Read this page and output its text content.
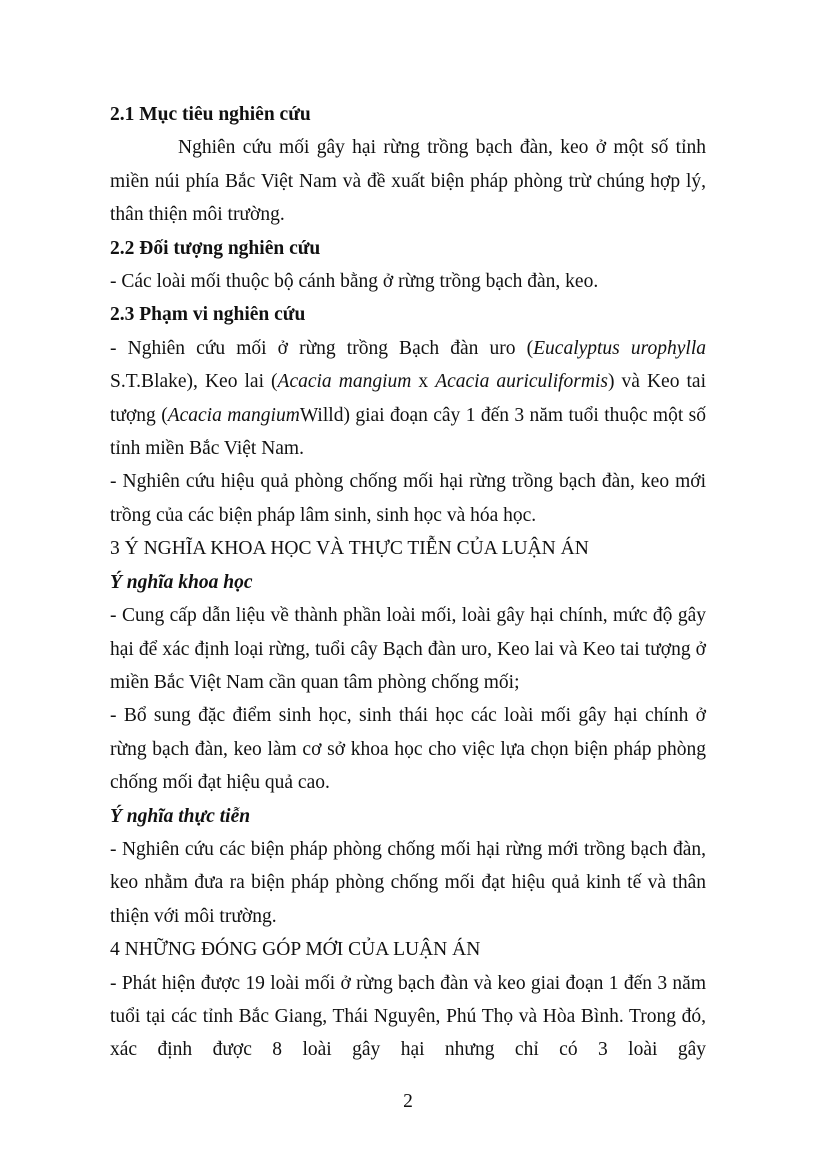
2.1 Mục tiêu nghiên cứu

Nghiên cứu mối gây hại rừng trồng bạch đàn, keo ở một số tỉnh miền núi phía Bắc Việt Nam và đề xuất biện pháp phòng trừ chúng hợp lý, thân thiện môi trường.

2.2 Đối tượng nghiên cứu

- Các loài mối thuộc bộ cánh bằng ở rừng trồng bạch đàn, keo.

2.3 Phạm vi nghiên cứu

- Nghiên cứu mối ở rừng trồng Bạch đàn uro (Eucalyptus urophylla S.T.Blake), Keo lai (Acacia mangium x Acacia auriculiformis) và Keo tai tượng (Acacia mangiumWilld) giai đoạn cây 1 đến 3 năm tuổi thuộc một số tỉnh miền Bắc Việt Nam.

- Nghiên cứu hiệu quả phòng chống mối hại rừng trồng bạch đàn, keo mới trồng của các biện pháp lâm sinh, sinh học và hóa học.

3 Ý NGHĨA KHOA HỌC VÀ THỰC TIỄN CỦA LUẬN ÁN

Ý nghĩa khoa học

- Cung cấp dẫn liệu về thành phần loài mối, loài gây hại chính, mức độ gây hại để xác định loại rừng, tuổi cây Bạch đàn uro, Keo lai và Keo tai tượng ở miền Bắc Việt Nam cần quan tâm phòng chống mối;

- Bổ sung đặc điểm sinh học, sinh thái học các loài mối gây hại chính ở rừng bạch đàn, keo làm cơ sở khoa học cho việc lựa chọn biện pháp phòng chống mối đạt hiệu quả cao.

Ý nghĩa thực tiễn

- Nghiên cứu các biện pháp phòng chống mối hại rừng mới trồng bạch đàn, keo nhằm đưa ra biện pháp phòng chống mối đạt hiệu quả kinh tế và thân thiện với môi trường.

4 NHỮNG ĐÓNG GÓP MỚI CỦA LUẬN ÁN

- Phát hiện được 19 loài mối ở rừng bạch đàn và keo giai đoạn 1 đến 3 năm tuổi tại các tỉnh Bắc Giang, Thái Nguyên, Phú Thọ và Hòa Bình. Trong đó, xác định được 8 loài gây hại nhưng chỉ có 3 loài gây

2
